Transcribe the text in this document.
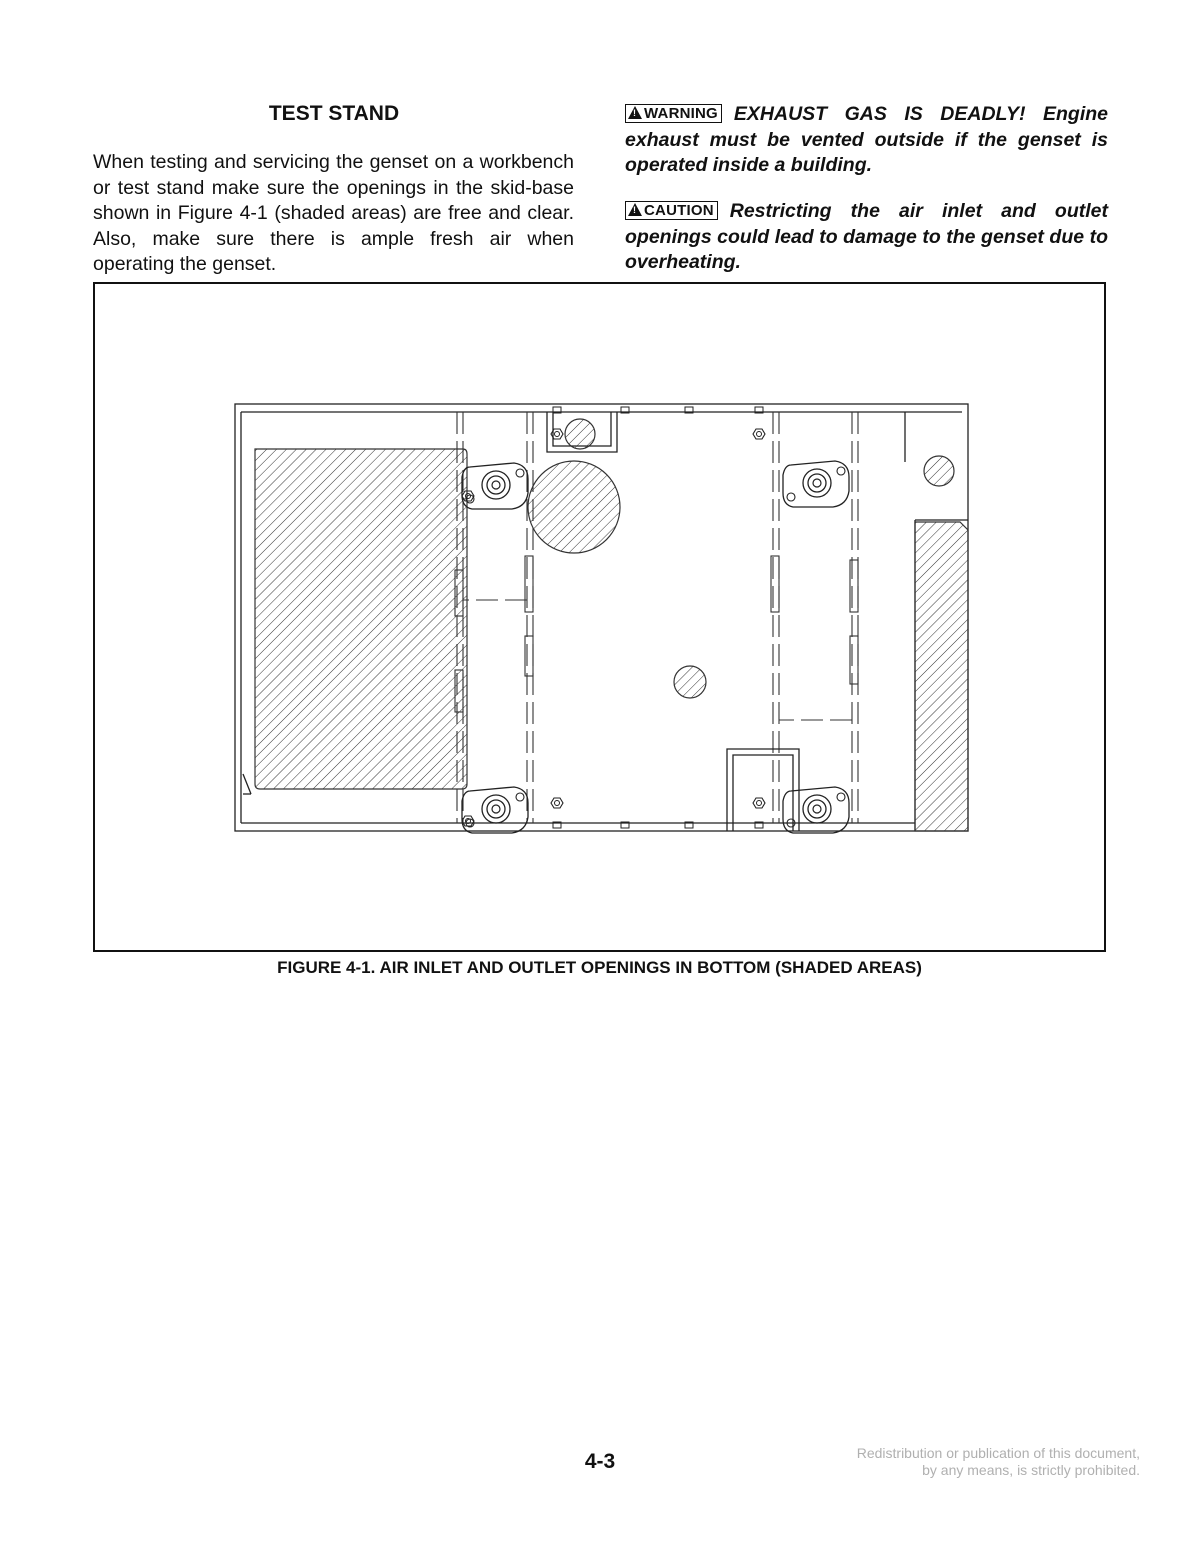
TEST STAND

When testing and servicing the genset on a workbench or test stand make sure the openings in the skid-base shown in Figure 4-1 (shaded areas) are free and clear. Also, make sure there is ample fresh air when operating the genset.

!WARNING EXHAUST GAS IS DEADLY! Engine exhaust must be vented outside if the genset is operated inside a building.

!CAUTION Restricting the air inlet and outlet openings could lead to damage to the genset due to overheating.

FIGURE 4-1. AIR INLET AND OUTLET OPENINGS IN BOTTOM (SHADED AREAS)

4-3	Redistribution or publication of this document,
by any means, is strictly prohibited.
